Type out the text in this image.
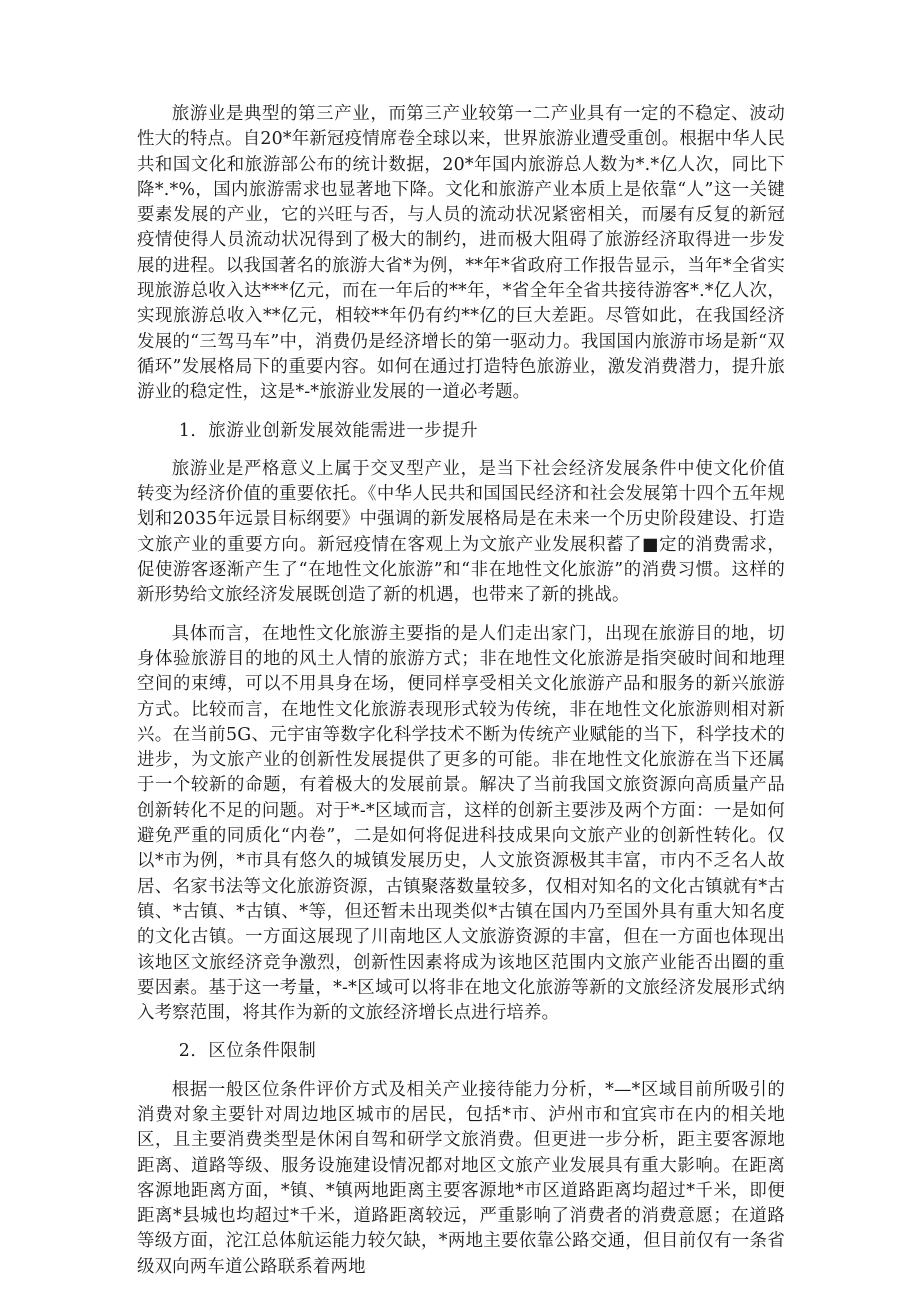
旅游业是典型的第三产业，而第三产业较第一二产业具有一定的不稳定、波动性大的特点。自20*年新冠疫情席卷全球以来，世界旅游业遭受重创。根据中华人民共和国文化和旅游部公布的统计数据，20*年国内旅游总人数为*.*亿人次，同比下降*.*%，国内旅游需求也显著地下降。文化和旅游产业本质上是依靠“人”这一关键要素发展的产业，它的兴旺与否，与人员的流动状况紧密相关，而屡有反复的新冠疫情使得人员流动状况得到了极大的制约，进而极大阻碍了旅游经济取得进一步发展的进程。以我国著名的旅游大省*为例，**年*省政府工作报告显示，当年*全省实现旅游总收入达***亿元，而在一年后的**年，*省全年全省共接待游客*.*亿人次，实现旅游总收入**亿元，相较**年仍有约**亿的巨大差距。尽管如此，在我国经济发展的“三驾马车”中，消费仍是经济增长的第一驱动力。我国国内旅游市场是新“双循环”发展格局下的重要内容。如何在通过打造特色旅游业，激发消费潜力，提升旅游业的稳定性，这是*-*旅游业发展的一道必考题。

1．旅游业创新发展效能需进一步提升

旅游业是严格意义上属于交叉型产业，是当下社会经济发展条件中使文化价值转变为经济价值的重要依托。《中华人民共和国国民经济和社会发展第十四个五年规划和2035年远景目标纲要》中强调的新发展格局是在未来一个历史阶段建设、打造文旅产业的重要方向。新冠疫情在客观上为文旅产业发展积蓄了■定的消费需求，促使游客逐渐产生了“在地性文化旅游”和“非在地性文化旅游”的消费习惯。这样的新形势给文旅经济发展既创造了新的机遇，也带来了新的挑战。

具体而言，在地性文化旅游主要指的是人们走出家门，出现在旅游目的地，切身体验旅游目的地的风土人情的旅游方式；非在地性文化旅游是指突破时间和地理空间的束缚，可以不用具身在场，便同样享受相关文化旅游产品和服务的新兴旅游方式。比较而言，在地性文化旅游表现形式较为传统，非在地性文化旅游则相对新兴。在当前5G、元宇宙等数字化科学技术不断为传统产业赋能的当下，科学技术的进步，为文旅产业的创新性发展提供了更多的可能。非在地性文化旅游在当下还属于一个较新的命题，有着极大的发展前景。解决了当前我国文旅资源向高质量产品创新转化不足的问题。对于*-*区域而言，这样的创新主要涉及两个方面：一是如何避免严重的同质化“内卷”，二是如何将促进科技成果向文旅产业的创新性转化。仅以*市为例，*市具有悠久的城镇发展历史，人文旅资源极其丰富，市内不乏名人故居、名家书法等文化旅游资源，古镇聚落数量较多，仅相对知名的文化古镇就有*古镇、*古镇、*古镇、*等，但还暂未出现类似*古镇在国内乃至国外具有重大知名度的文化古镇。一方面这展现了川南地区人文旅游资源的丰富，但在一方面也体现出该地区文旅经济竞争激烈，创新性因素将成为该地区范围内文旅产业能否出圈的重要因素。基于这一考量，*-*区域可以将非在地文化旅游等新的文旅经济发展形式纳入考察范围，将其作为新的文旅经济增长点进行培养。

2．区位条件限制

根据一般区位条件评价方式及相关产业接待能力分析，*—*区域目前所吸引的消费对象主要针对周边地区城市的居民，包括*市、泸州市和宜宾市在内的相关地区，且主要消费类型是休闲自驾和研学文旅消费。但更进一步分析，距主要客源地距离、道路等级、服务设施建设情况都对地区文旅产业发展具有重大影响。在距离客源地距离方面，*镇、*镇两地距离主要客源地*市区道路距离均超过*千米，即便距离*县城也均超过*千米，道路距离较远，严重影响了消费者的消费意愿；在道路等级方面，沱江总体航运能力较欠缺，*两地主要依靠公路交通，但目前仅有一条省级双向两车道公路联系着两地
